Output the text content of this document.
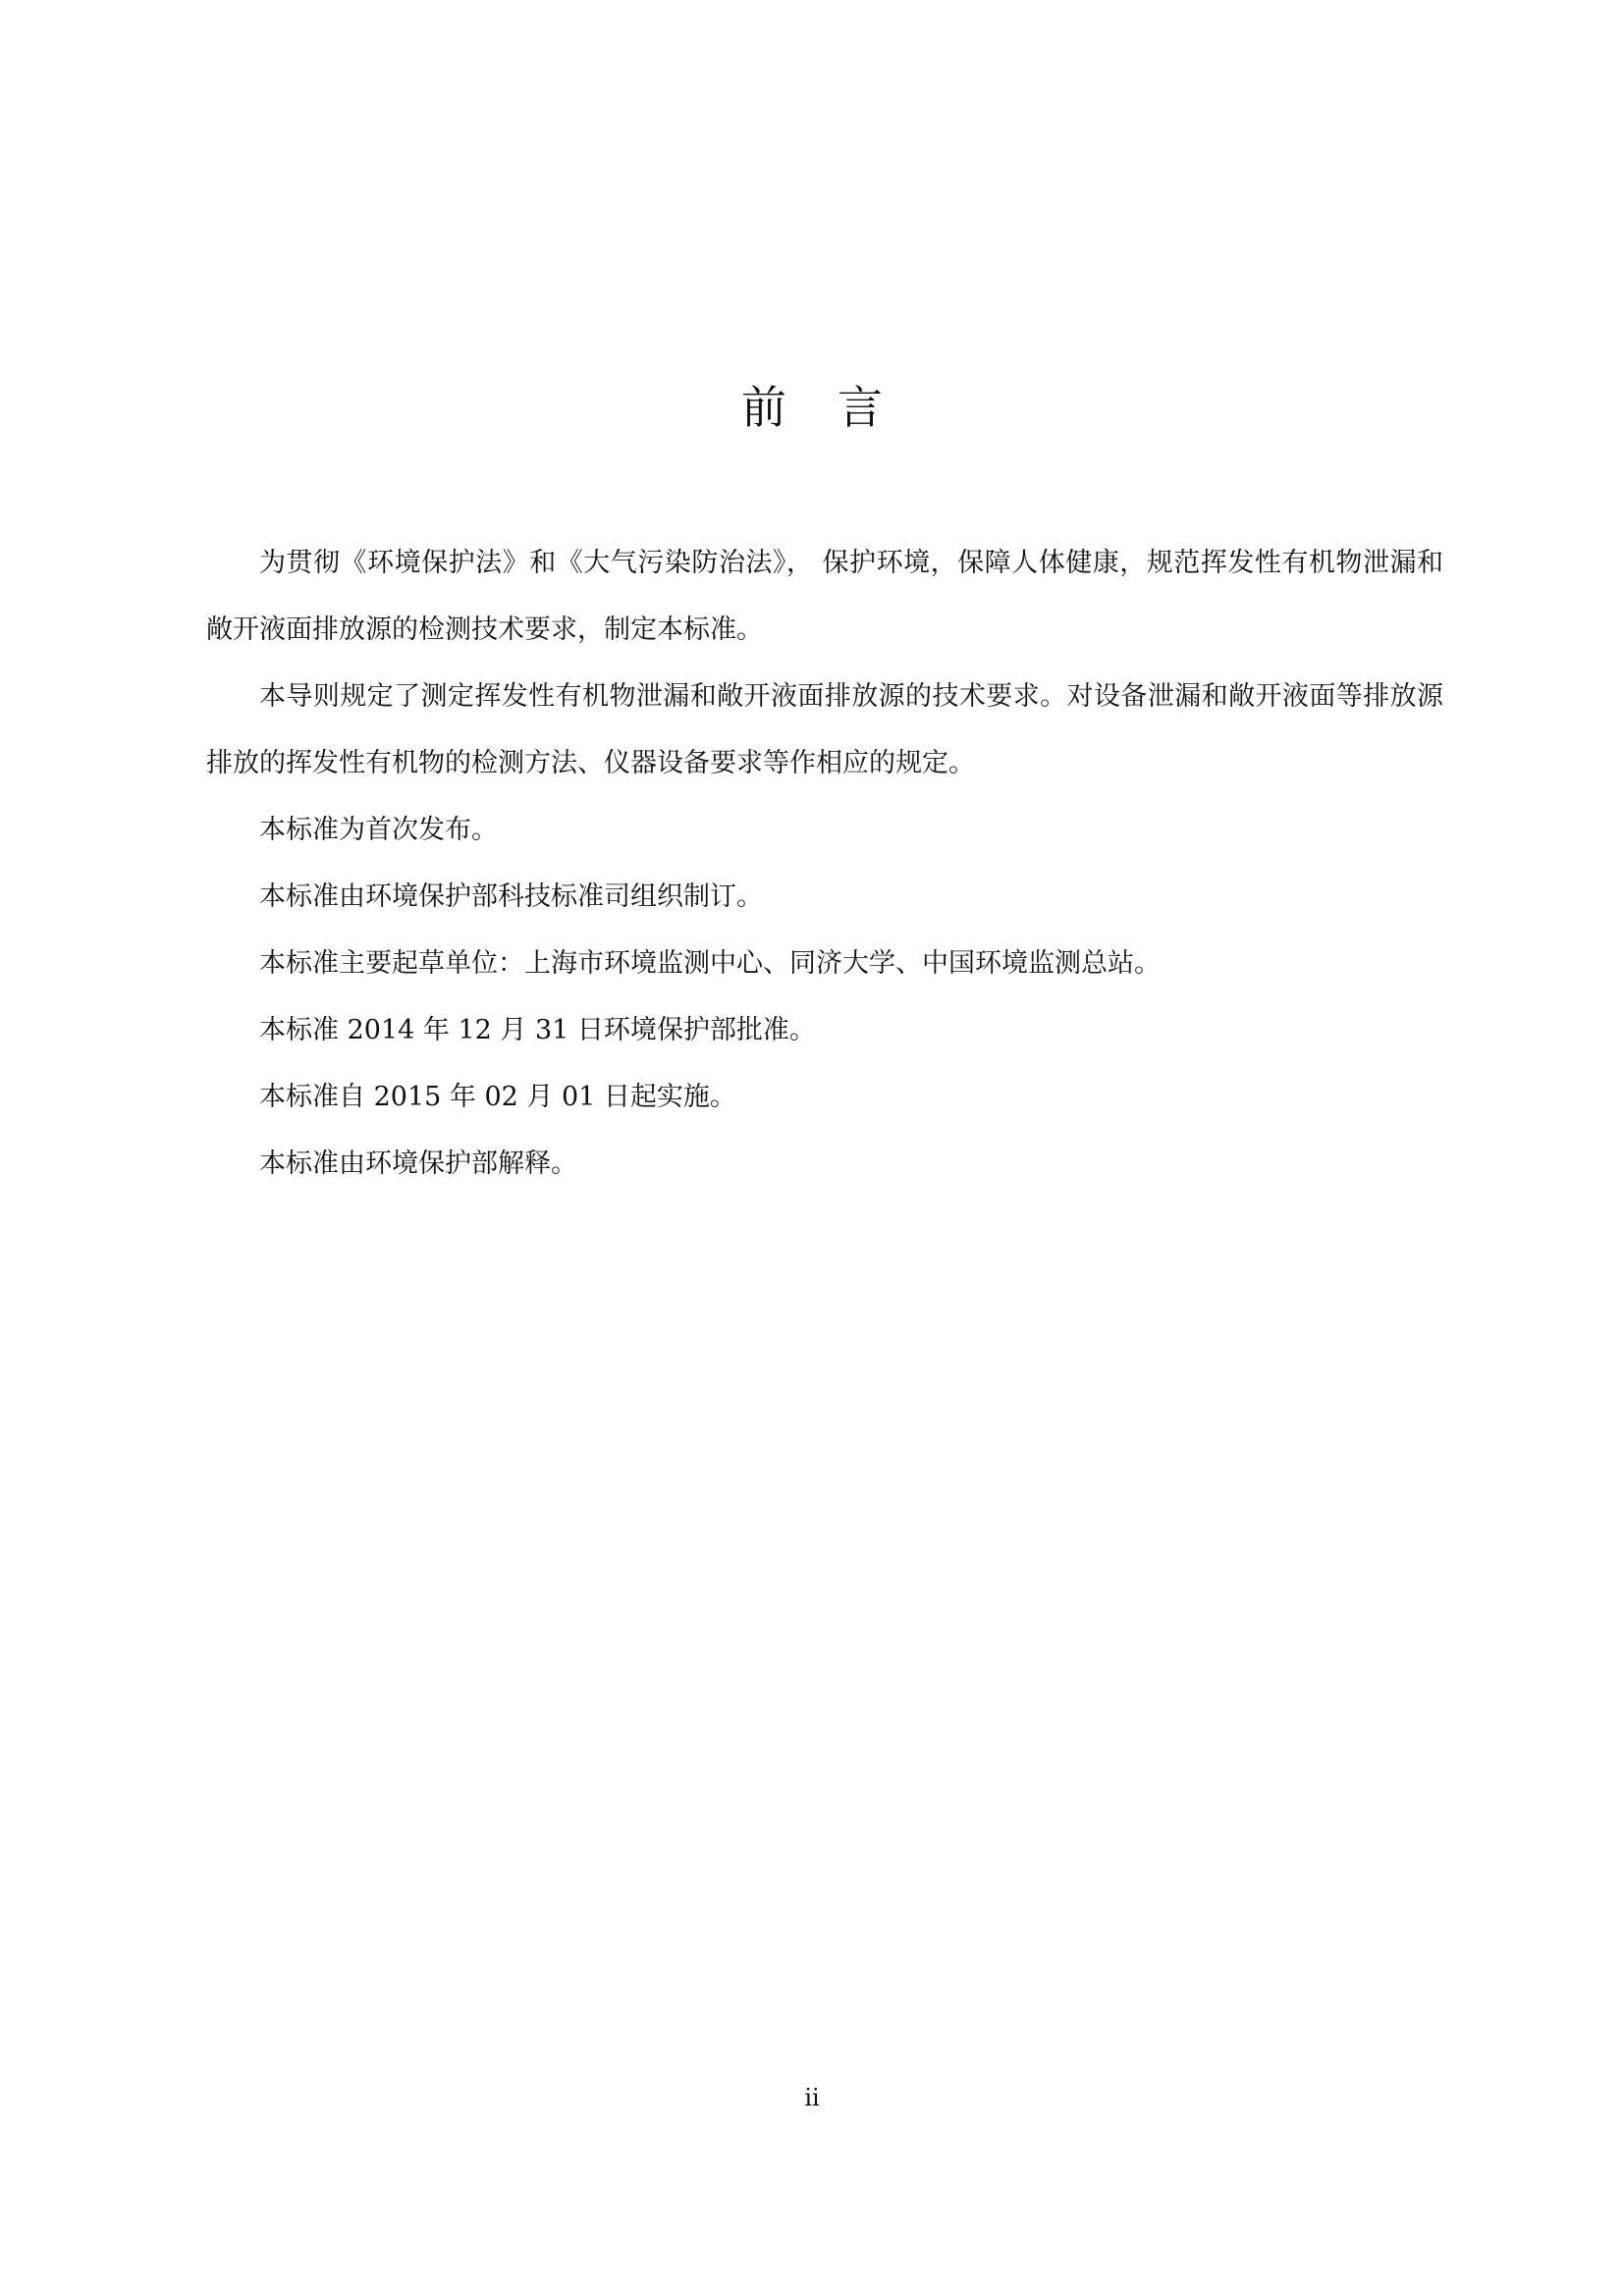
前言

为贯彻《环境保护法》和《大气污染防治法》， 保护环境，保障人体健康，规范挥发性有机物泄漏和敞开液面排放源的检测技术要求，制定本标准。

本导则规定了测定挥发性有机物泄漏和敞开液面排放源的技术要求。对设备泄漏和敞开液面等排放源排放的挥发性有机物的检测方法、仪器设备要求等作相应的规定。

本标准为首次发布。

本标准由环境保护部科技标准司组织制订。

本标准主要起草单位：上海市环境监测中心、同济大学、中国环境监测总站。

本标准 2014 年 12 月 31 日环境保护部批准。

本标准自 2015 年 02 月 01 日起实施。

本标准由环境保护部解释。

ii
